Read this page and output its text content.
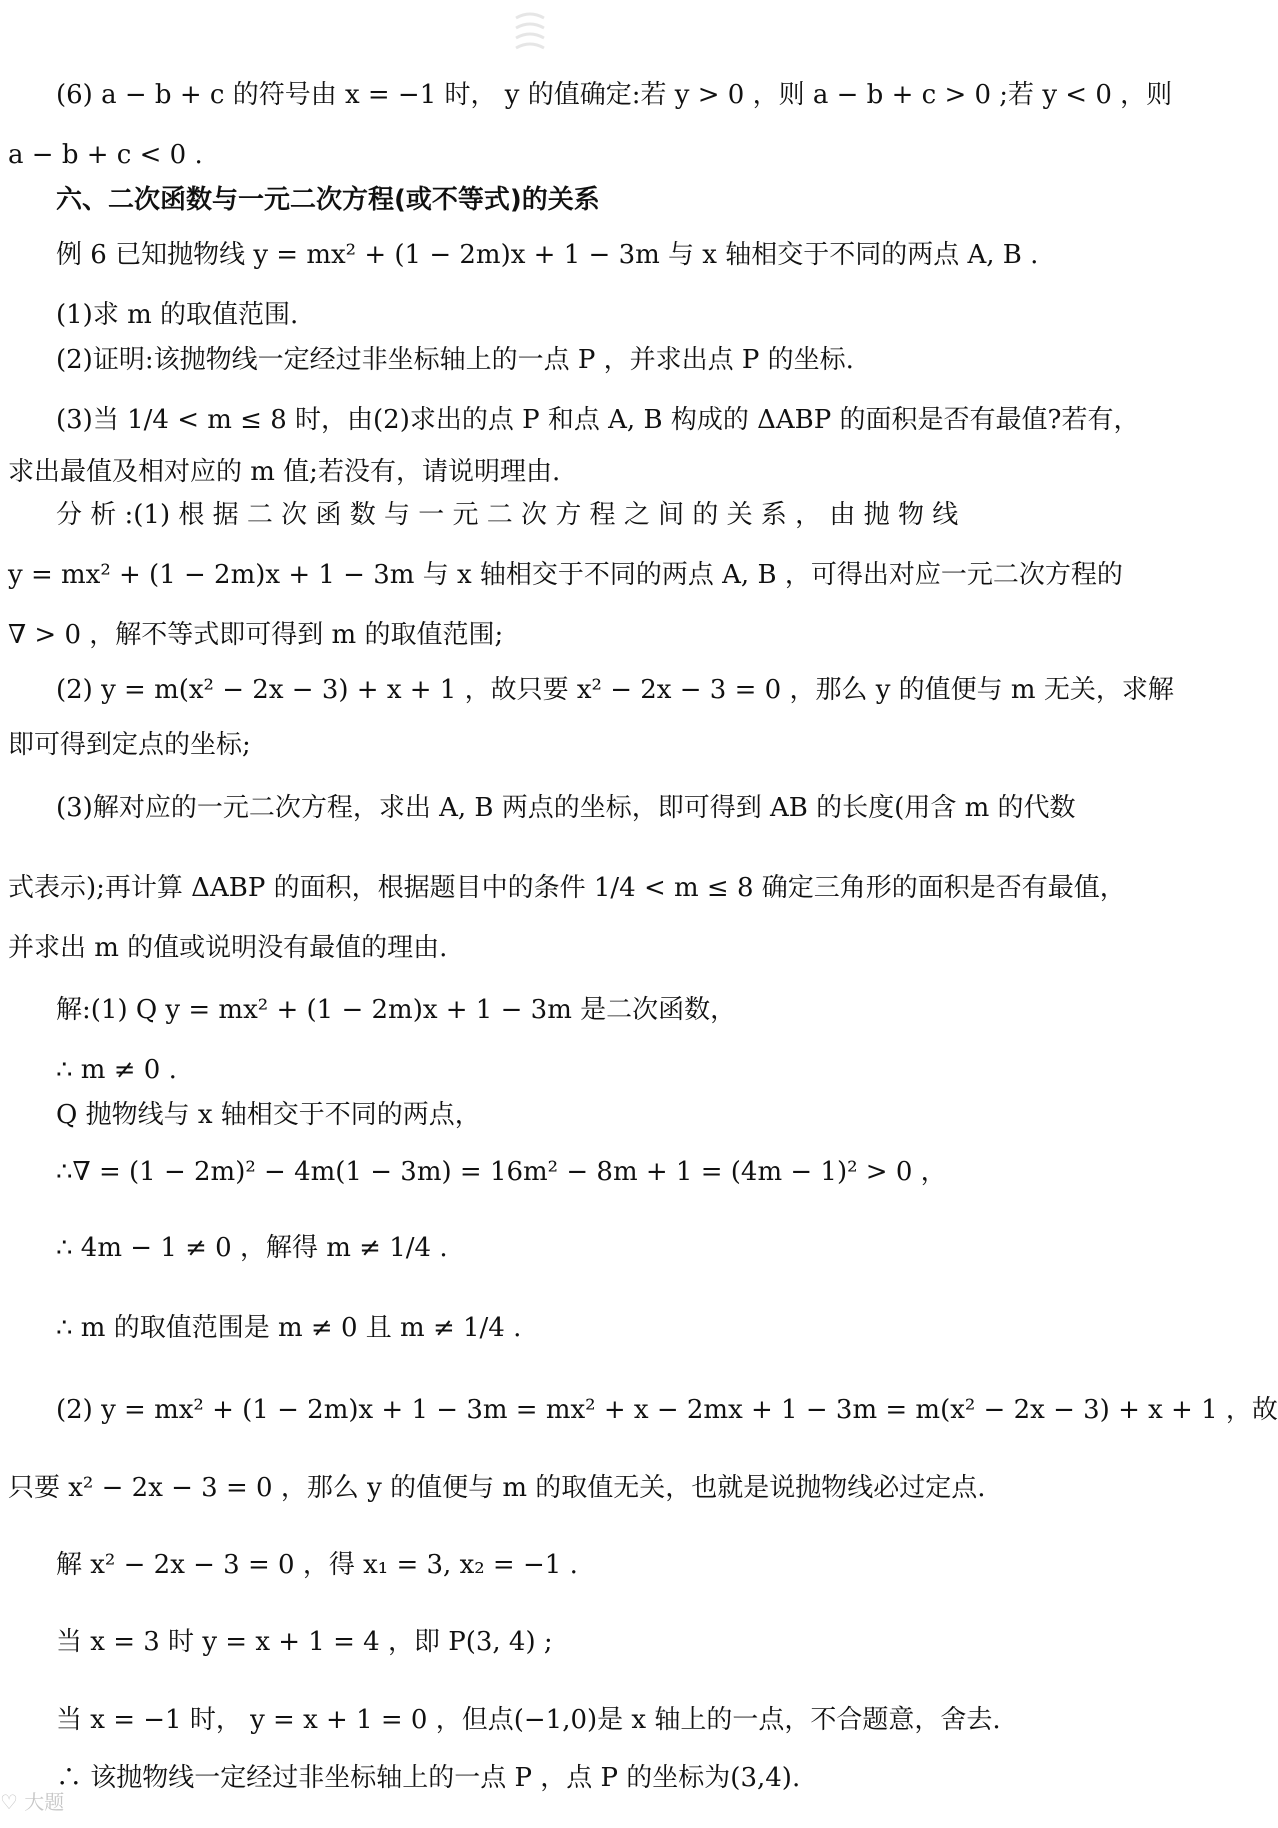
(6) a − b + c 的符号由 x = −1 时， y 的值确定:若 y > 0 ，则 a − b + c > 0 ;若 y < 0 ，则
a − b + c < 0 .
六、二次函数与一元二次方程(或不等式)的关系
例 6 已知抛物线 y = mx² + (1 − 2m)x + 1 − 3m 与 x 轴相交于不同的两点 A, B .
(1)求 m 的取值范围.
(2)证明:该抛物线一定经过非坐标轴上的一点 P ，并求出点 P 的坐标.
(3)当 1/4 < m ≤ 8 时，由(2)求出的点 P 和点 A, B 构成的 ΔABP 的面积是否有最值?若有，
求出最值及相对应的 m 值;若没有，请说明理由.
分 析 :(1) 根 据 二 次 函 数 与 一 元 二 次 方 程 之 间 的 关 系 ， 由 抛 物 线
y = mx² + (1 − 2m)x + 1 − 3m 与 x 轴相交于不同的两点 A, B ，可得出对应一元二次方程的
∇ > 0 ，解不等式即可得到 m 的取值范围;
(2) y = m(x² − 2x − 3) + x + 1 ，故只要 x² − 2x − 3 = 0 ，那么 y 的值便与 m 无关，求解
即可得到定点的坐标;
(3)解对应的一元二次方程，求出 A, B 两点的坐标，即可得到 AB 的长度(用含 m 的代数
式表示);再计算 ΔABP 的面积，根据题目中的条件 1/4 < m ≤ 8 确定三角形的面积是否有最值，
并求出 m 的值或说明没有最值的理由.
解:(1) Q y = mx² + (1 − 2m)x + 1 − 3m 是二次函数，
∴ m ≠ 0 .
Q 抛物线与 x 轴相交于不同的两点，
∴∇ = (1 − 2m)² − 4m(1 − 3m) = 16m² − 8m + 1 = (4m − 1)² > 0 ，
∴ 4m − 1 ≠ 0 ，解得 m ≠ 1/4 .
∴ m 的取值范围是 m ≠ 0 且 m ≠ 1/4 .
(2) y = mx² + (1 − 2m)x + 1 − 3m = mx² + x − 2mx + 1 − 3m = m(x² − 2x − 3) + x + 1 ，故
只要 x² − 2x − 3 = 0 ，那么 y 的值便与 m 的取值无关，也就是说抛物线必过定点.
解 x² − 2x − 3 = 0 ，得 x₁ = 3, x₂ = −1 .
当 x = 3 时 y = x + 1 = 4 ，即 P(3, 4) ;
当 x = −1 时， y = x + 1 = 0 ，但点(−1,0)是 x 轴上的一点，不合题意，舍去.
∴ 该抛物线一定经过非坐标轴上的一点 P ，点 P 的坐标为(3,4).
♡ 大题
